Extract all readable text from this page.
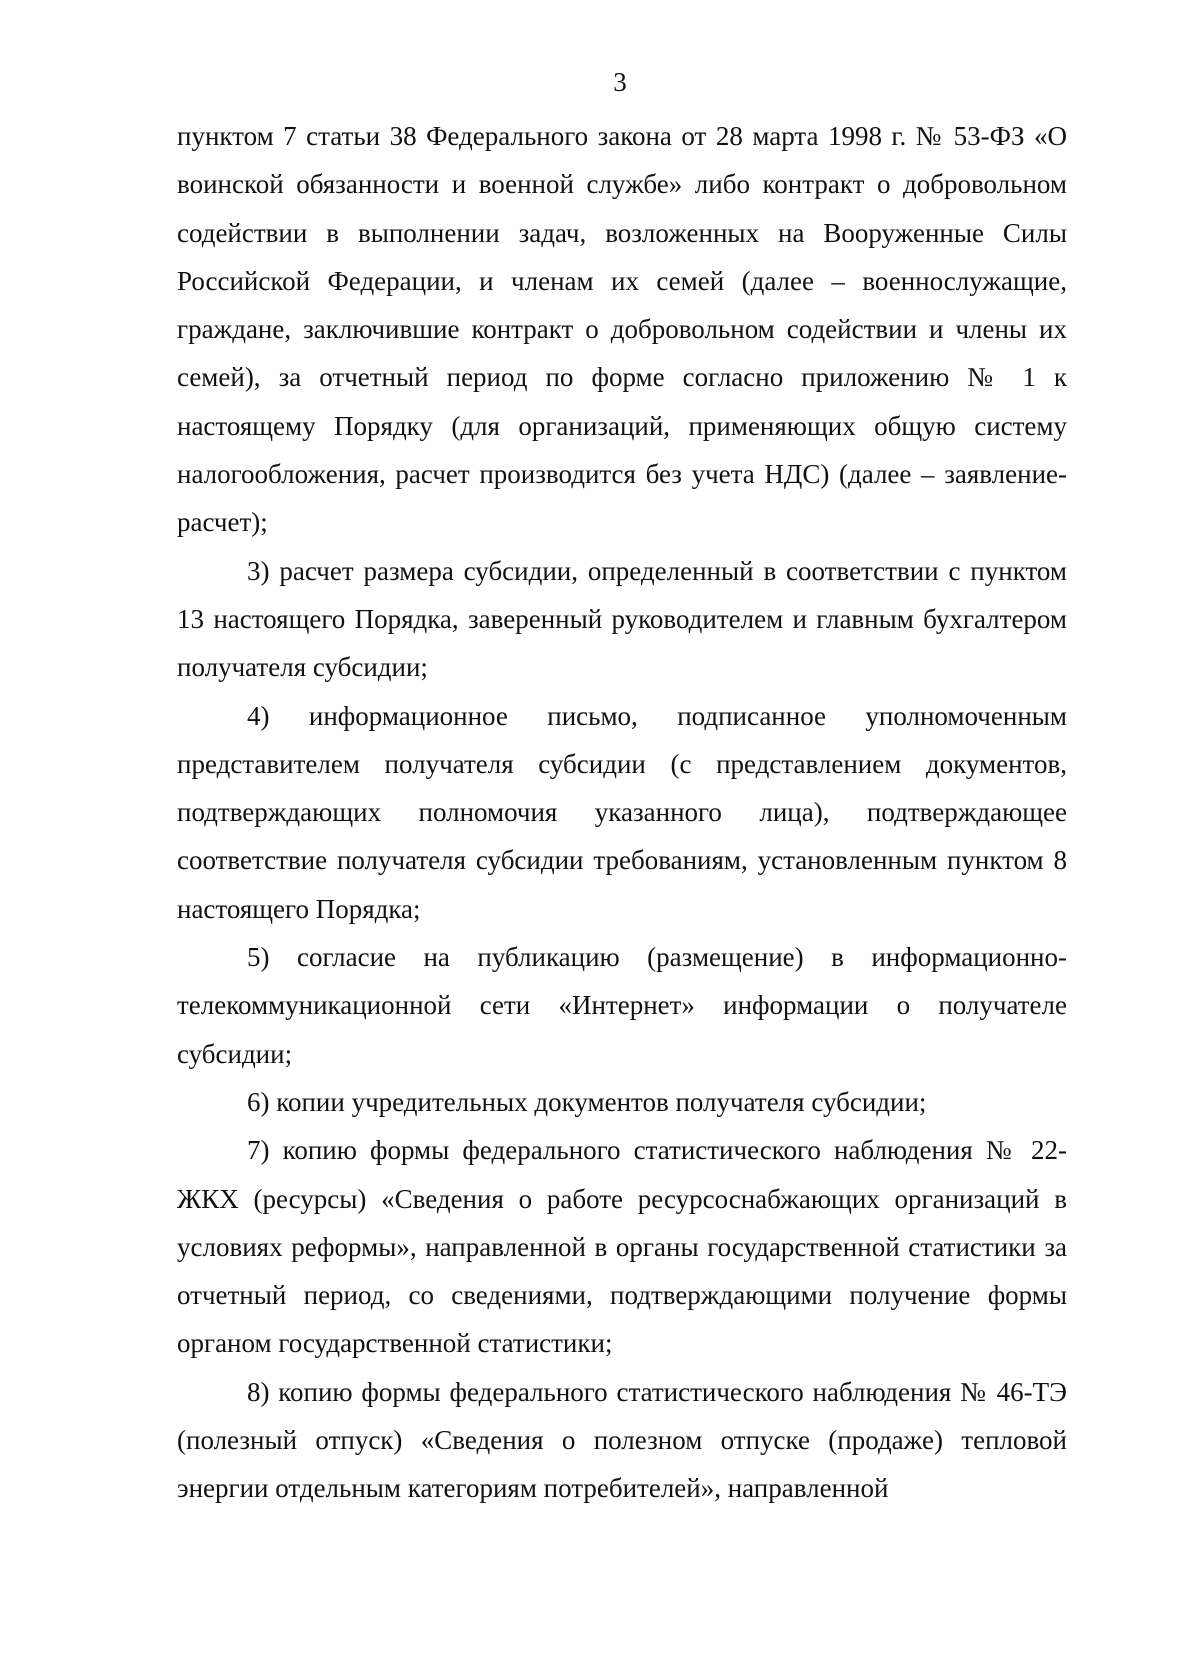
3

пунктом 7 статьи 38 Федерального закона от 28 марта 1998 г. № 53-ФЗ «О воинской обязанности и военной службе» либо контракт о добровольном содействии в выполнении задач, возложенных на Вооруженные Силы Российской Федерации, и членам их семей (далее – военнослужащие, граждане, заключившие контракт о добровольном содействии и члены их семей), за отчетный период по форме согласно приложению № 1 к настоящему Порядку (для организаций, применяющих общую систему налогообложения, расчет производится без учета НДС) (далее – заявление-расчет);

3) расчет размера субсидии, определенный в соответствии с пунктом 13 настоящего Порядка, заверенный руководителем и главным бухгалтером получателя субсидии;

4) информационное письмо, подписанное уполномоченным представителем получателя субсидии (с представлением документов, подтверждающих полномочия указанного лица), подтверждающее соответствие получателя субсидии требованиям, установленным пунктом 8 настоящего Порядка;

5) согласие на публикацию (размещение) в информационно-телекоммуникационной сети «Интернет» информации о получателе субсидии;

6) копии учредительных документов получателя субсидии;

7) копию формы федерального статистического наблюдения № 22-ЖКХ (ресурсы) «Сведения о работе ресурсоснабжающих организаций в условиях реформы», направленной в органы государственной статистики за отчетный период, со сведениями, подтверждающими получение формы органом государственной статистики;

8) копию формы федерального статистического наблюдения № 46-ТЭ (полезный отпуск) «Сведения о полезном отпуске (продаже) тепловой энергии отдельным категориям потребителей», направленной
